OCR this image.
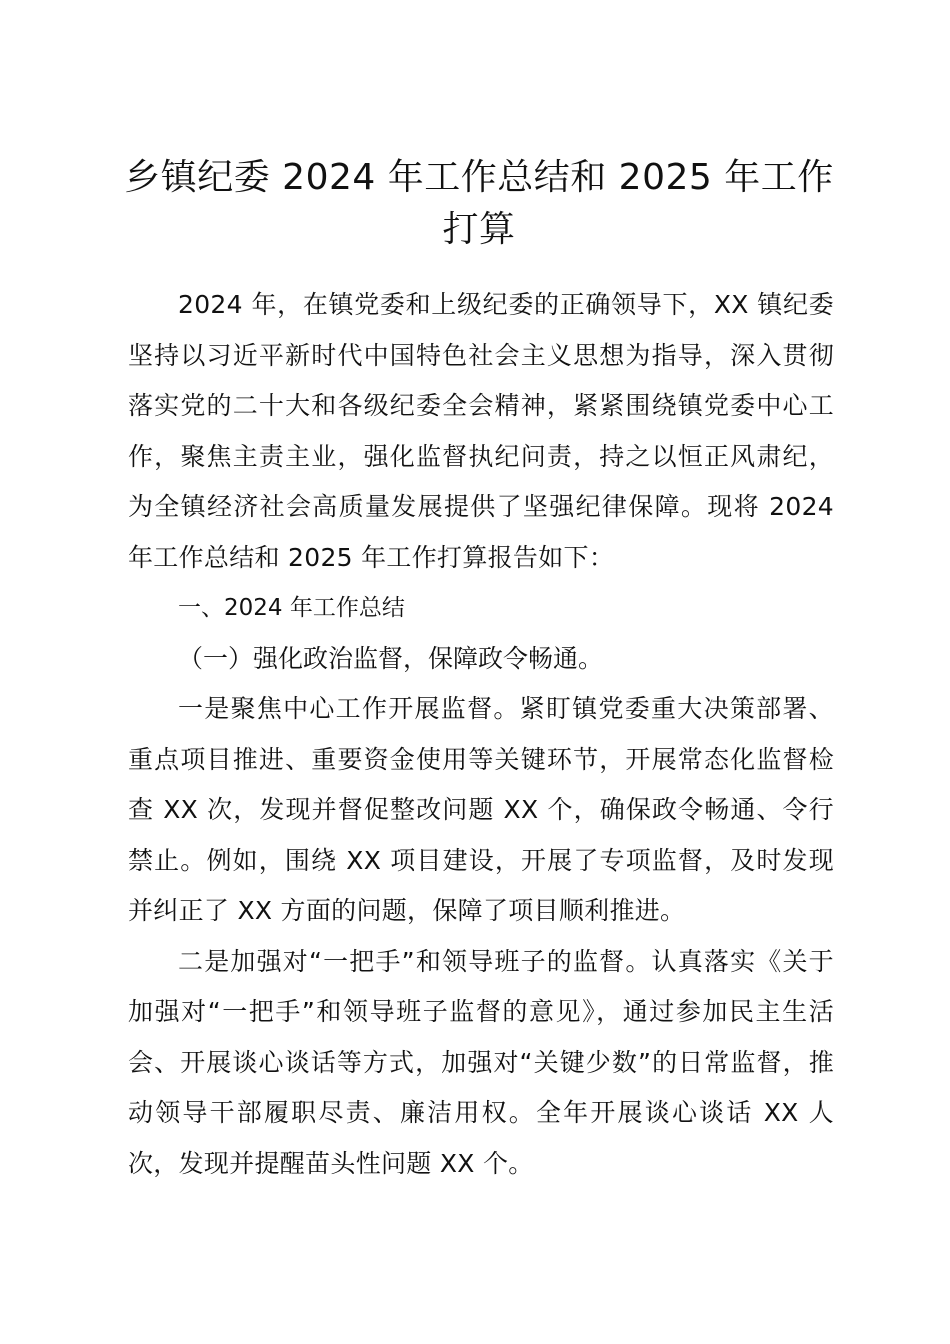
乡镇纪委 2024 年工作总结和 2025 年工作打算

2024 年，在镇党委和上级纪委的正确领导下，XX 镇纪委坚持以习近平新时代中国特色社会主义思想为指导，深入贯彻落实党的二十大和各级纪委全会精神，紧紧围绕镇党委中心工作，聚焦主责主业，强化监督执纪问责，持之以恒正风肃纪，为全镇经济社会高质量发展提供了坚强纪律保障。现将 2024 年工作总结和 2025 年工作打算报告如下：

一、2024 年工作总结

（一）强化政治监督，保障政令畅通。

一是聚焦中心工作开展监督。紧盯镇党委重大决策部署、重点项目推进、重要资金使用等关键环节，开展常态化监督检查 XX 次，发现并督促整改问题 XX 个，确保政令畅通、令行禁止。例如，围绕 XX 项目建设，开展了专项监督，及时发现并纠正了 XX 方面的问题，保障了项目顺利推进。

二是加强对“一把手”和领导班子的监督。认真落实《关于加强对“一把手”和领导班子监督的意见》，通过参加民主生活会、开展谈心谈话等方式，加强对“关键少数”的日常监督，推动领导干部履职尽责、廉洁用权。全年开展谈心谈话 XX 人次，发现并提醒苗头性问题 XX 个。
